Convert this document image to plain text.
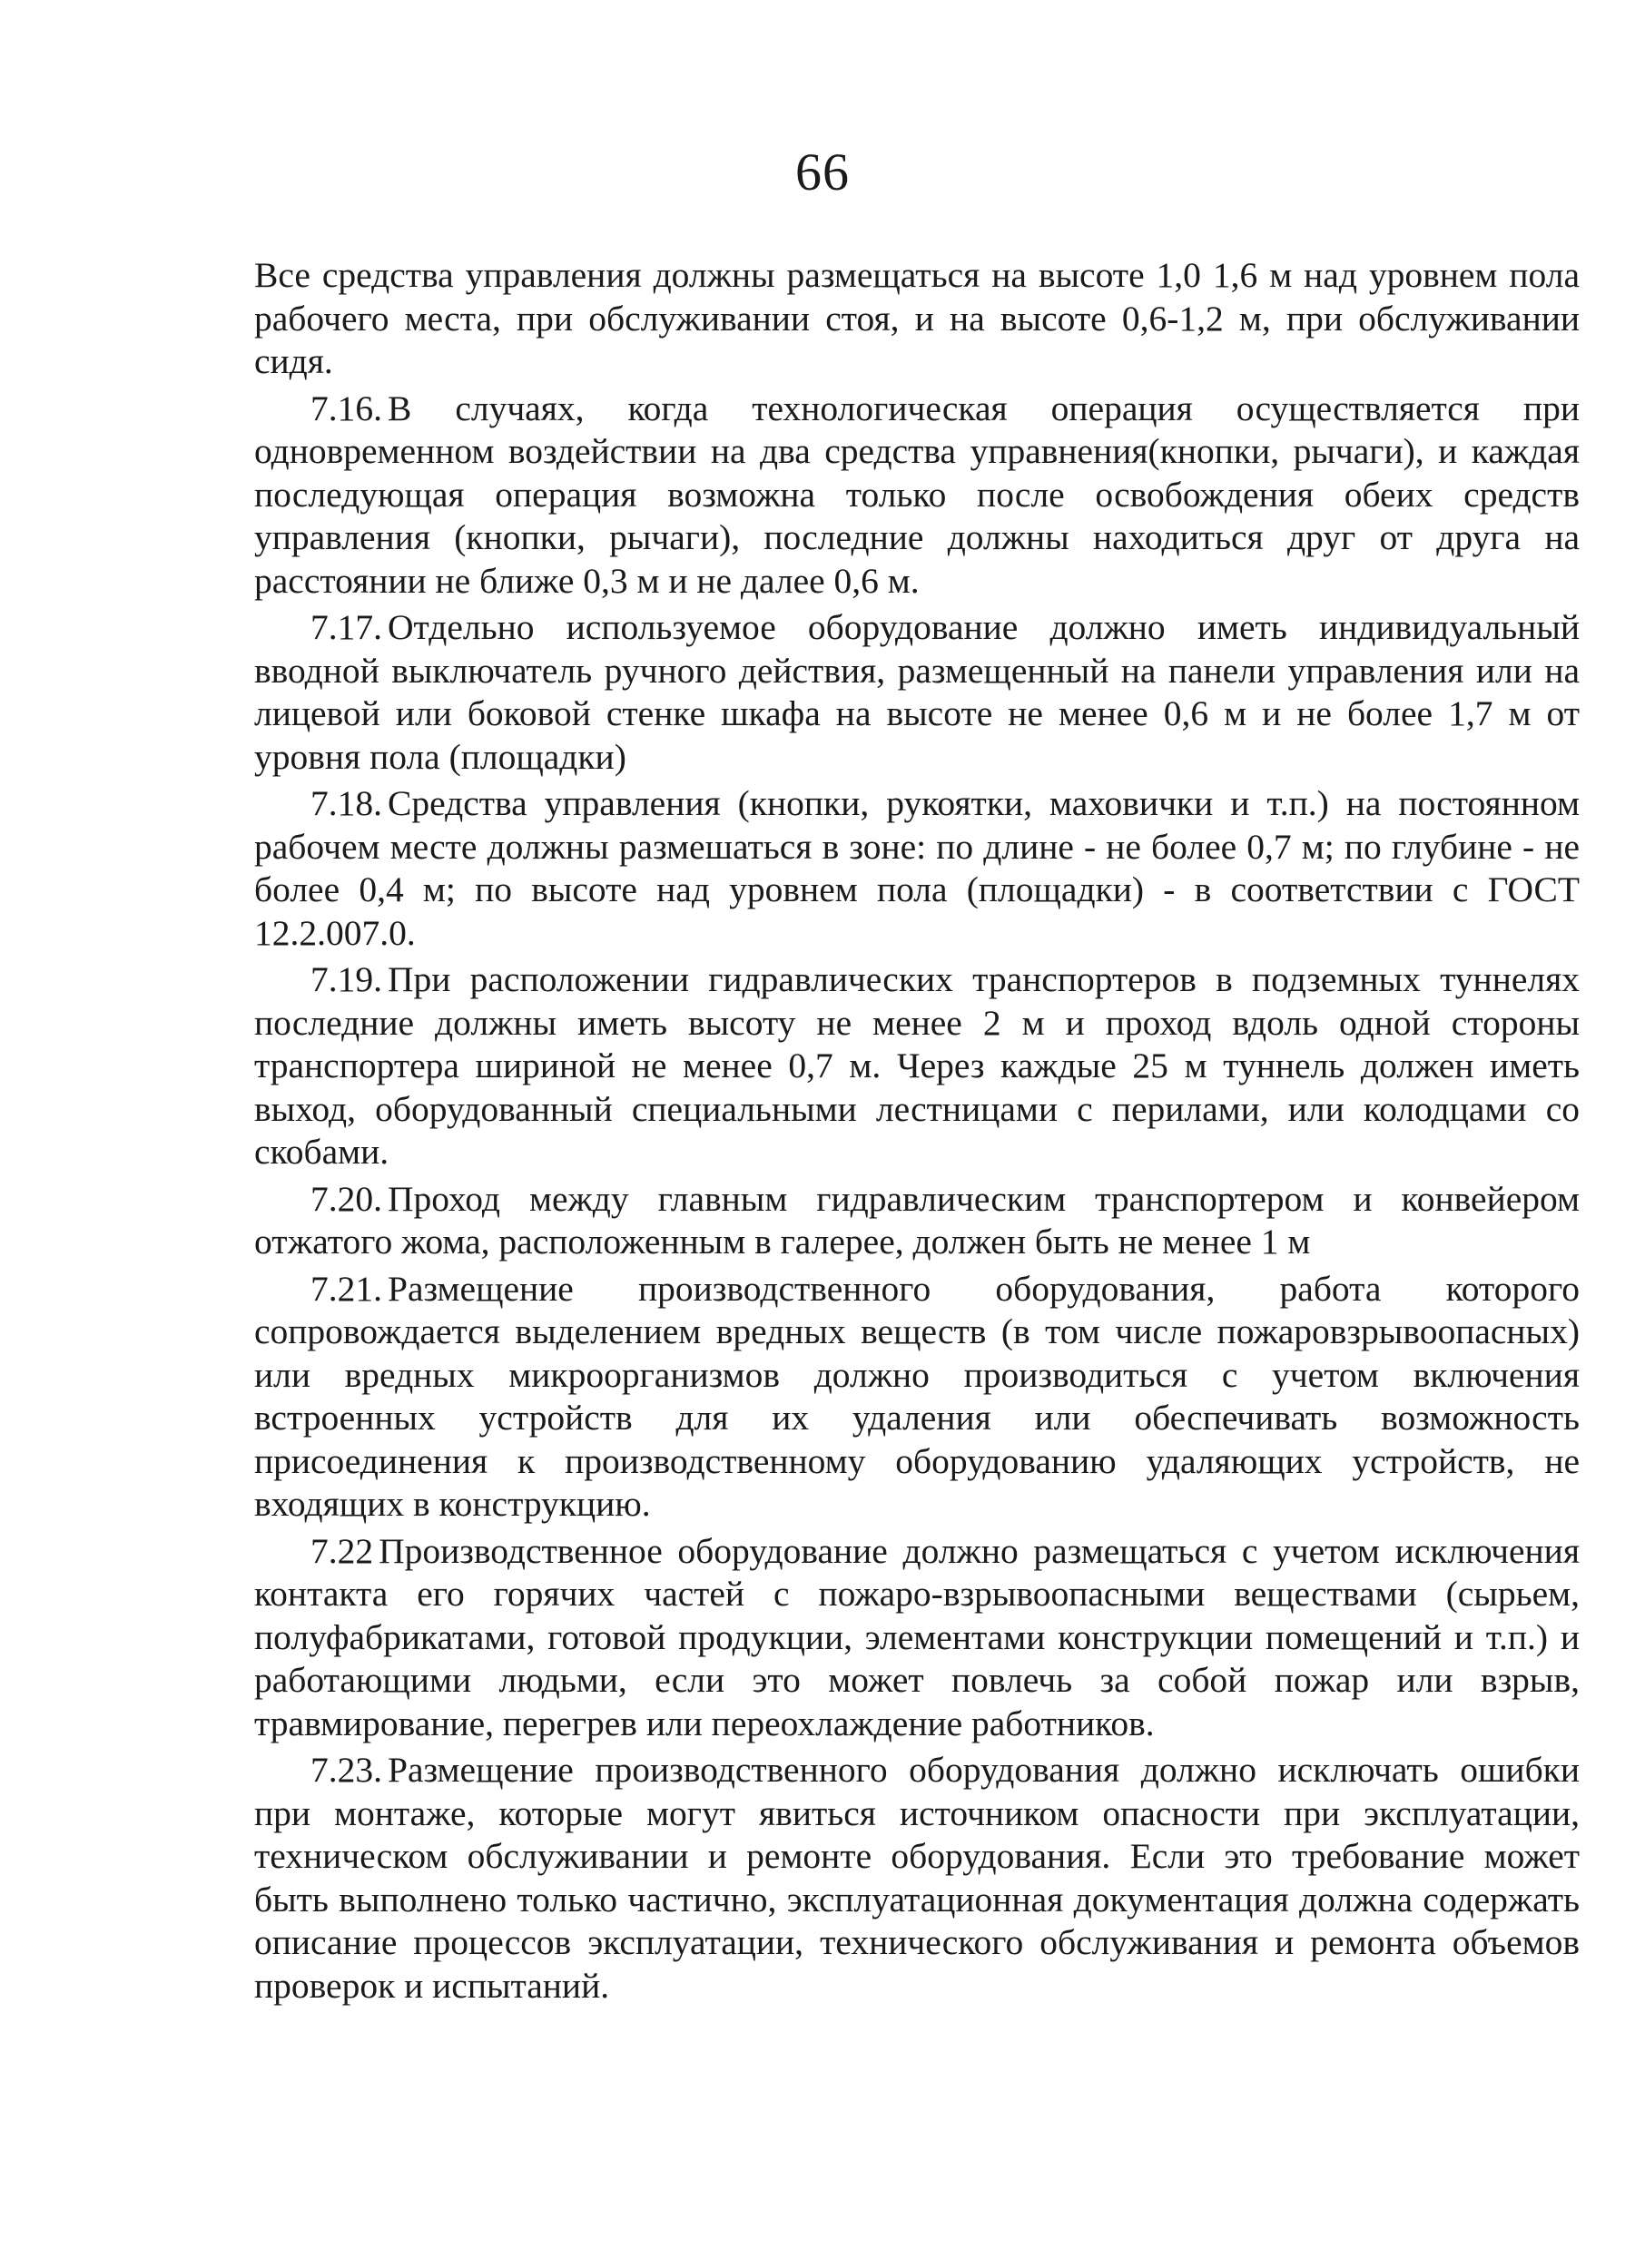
66

Все средства управления должны размещаться на высоте 1,0 1,6 м над уровнем пола рабочего места, при обслуживании стоя, и на высоте 0,6-1,2 м, при обслуживании сидя.

7.16. В случаях, когда технологическая операция осуществляется при одновременном воздействии на два средства управнения(кнопки, рычаги), и каждая последующая операция возможна только после освобождения обеих средств управления (кнопки, рычаги), последние должны находиться друг от друга на расстоянии не ближе 0,3 м и не далее 0,6 м.

7.17. Отдельно используемое оборудование должно иметь индивидуальный вводной выключатель ручного действия, размещенный на панели управления или на лицевой или боковой стенке шкафа на высоте не менее 0,6 м и не более 1,7 м от уровня пола (площадки)

7.18. Средства управления (кнопки, рукоятки, маховички и т.п.) на постоянном рабочем месте должны размешаться в зоне: по длине - не более 0,7 м; по глубине - не более 0,4 м; по высоте над уровнем пола (площадки) - в соответствии с ГОСТ 12.2.007.0.

7.19. При расположении гидравлических транспортеров в подземных туннелях последние должны иметь высоту не менее 2 м и проход вдоль одной стороны транспортера шириной не менее 0,7 м. Через каждые 25 м туннель должен иметь выход, оборудованный специальными лестницами с перилами, или колодцами со скобами.

7.20. Проход между главным гидравлическим транспортером и конвейером отжатого жома, расположенным в галерее, должен быть не менее 1 м

7.21. Размещение производственного оборудования, работа которого сопровождается выделением вредных веществ (в том числе пожаровзрывоопасных) или вредных микроорганизмов должно производиться с учетом включения встроенных устройств для их удаления или обеспечивать возможность присоединения к производственному оборудованию удаляющих устройств, не входящих в конструкцию.

7.22 Производственное оборудование должно размещаться с учетом исключения контакта его горячих частей с пожаро-взрывоопасными веществами (сырьем, полуфабрикатами, готовой продукции, элементами конструкции помещений и т.п.) и работающими людьми, если это может повлечь за собой пожар или взрыв, травмирование, перегрев или переохлаждение работников.

7.23. Размещение производственного оборудования должно исключать ошибки при монтаже, которые могут явиться источником опасности при эксплуатации, техническом обслуживании и ремонте оборудования. Если это требование может быть выполнено только частично, эксплуатационная документация должна содержать описание процессов эксплуатации, технического обслуживания и ремонта объемов проверок и испытаний.
